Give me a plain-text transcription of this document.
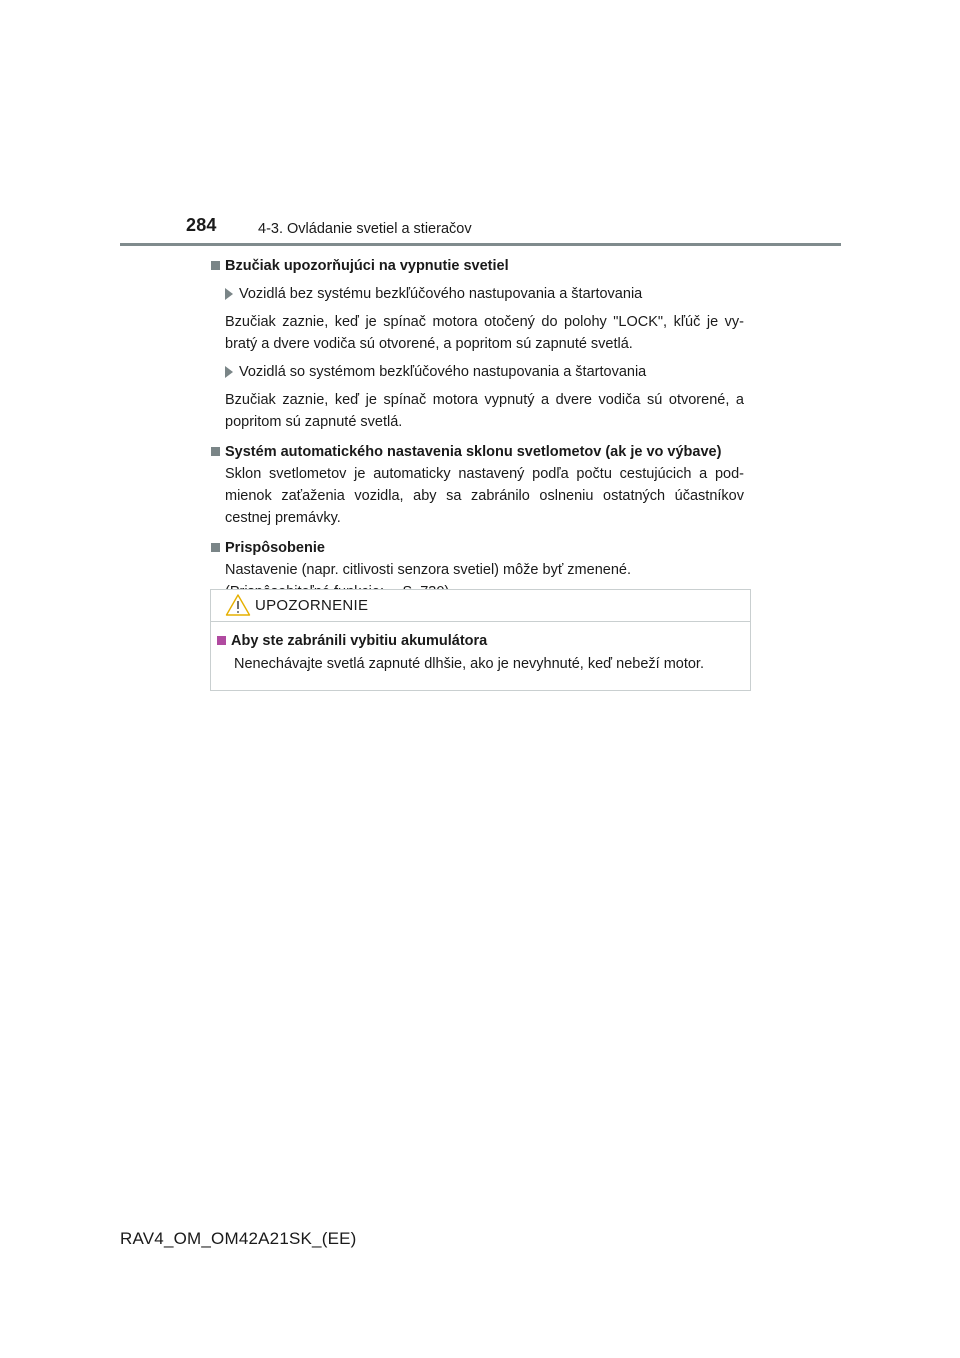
284	4-3. Ovládanie svetiel a stieračov
Bzučiak upozorňujúci na vypnutie svetiel
Vozidlá bez systému bezkľúčového nastupovania a štartovania
Bzučiak zaznie, keď je spínač motora otočený do polohy "LOCK", kľúč je vy-bratý a dvere vodiča sú otvorené, a popritom sú zapnuté svetlá.
Vozidlá so systémom bezkľúčového nastupovania a štartovania
Bzučiak zaznie, keď je spínač motora vypnutý a dvere vodiča sú otvorené, a popritom sú zapnuté svetlá.
Systém automatického nastavenia sklonu svetlometov (ak je vo výbave)
Sklon svetlometov je automaticky nastavený podľa počtu cestujúcich a pod-mienok zaťaženia vozidla, aby sa zabránilo oslneniu ostatných účastníkov cestnej premávky.
Prispôsobenie
Nastavenie (napr. citlivosti senzora svetiel) môže byť zmenené.
UPOZORNENIE
Aby ste zabránili vybitiu akumulátora
Nenechávajte svetlá zapnuté dlhšie, ako je nevyhnuté, keď nebeží motor.
RAV4_OM_OM42A21SK_(EE)
